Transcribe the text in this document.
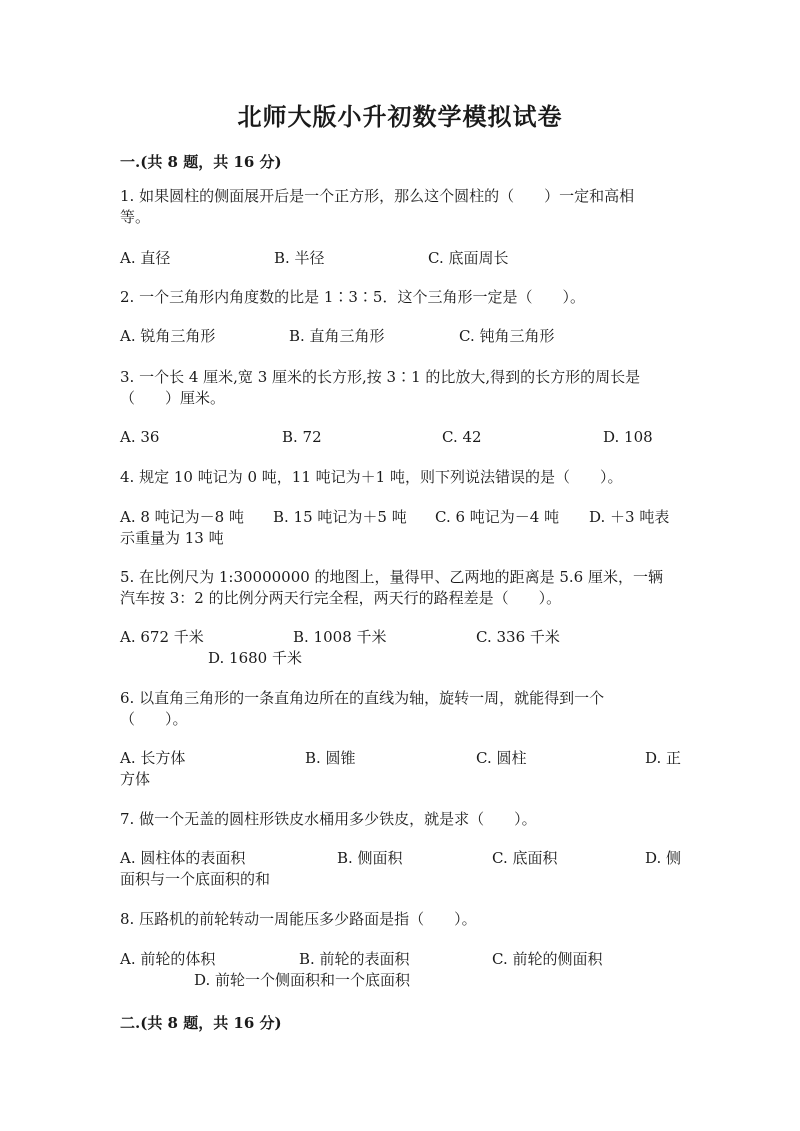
北师大版小升初数学模拟试卷
一.(共 8 题，共 16 分)
1. 如果圆柱的侧面展开后是一个正方形，那么这个圆柱的（　　）一定和高相
等。
A. 直径	B. 半径	C. 底面周长
2. 一个三角形内角度数的比是 1∶3∶5．这个三角形一定是（　　）。
A. 锐角三角形	B. 直角三角形	C. 钝角三角形
3. 一个长 4 厘米,宽 3 厘米的长方形,按 3∶1 的比放大,得到的长方形的周长是
（　　）厘米。
A. 36	B. 72	C. 42	D. 108
4. 规定 10 吨记为 0 吨，11 吨记为＋1 吨，则下列说法错误的是（　　）。
A. 8 吨记为－8 吨 B. 15 吨记为＋5 吨 C. 6 吨记为－4 吨 D. ＋3 吨表
示重量为 13 吨
5. 在比例尺为 1:30000000 的地图上，量得甲、乙两地的距离是 5.6 厘米，一辆
汽车按 3：2 的比例分两天行完全程，两天行的路程差是（　　）。
A. 672 千米	B. 1008 千米	C. 336 千米
D. 1680 千米
6. 以直角三角形的一条直角边所在的直线为轴，旋转一周，就能得到一个
（　　）。
A. 长方体	B. 圆锥	C. 圆柱	D. 正
方体
7. 做一个无盖的圆柱形铁皮水桶用多少铁皮，就是求（　　）。
A. 圆柱体的表面积	B. 侧面积	C. 底面积	D. 侧
面积与一个底面积的和
8. 压路机的前轮转动一周能压多少路面是指（　　）。
A. 前轮的体积	B. 前轮的表面积	C. 前轮的侧面积
D. 前轮一个侧面积和一个底面积
二.(共 8 题，共 16 分)
